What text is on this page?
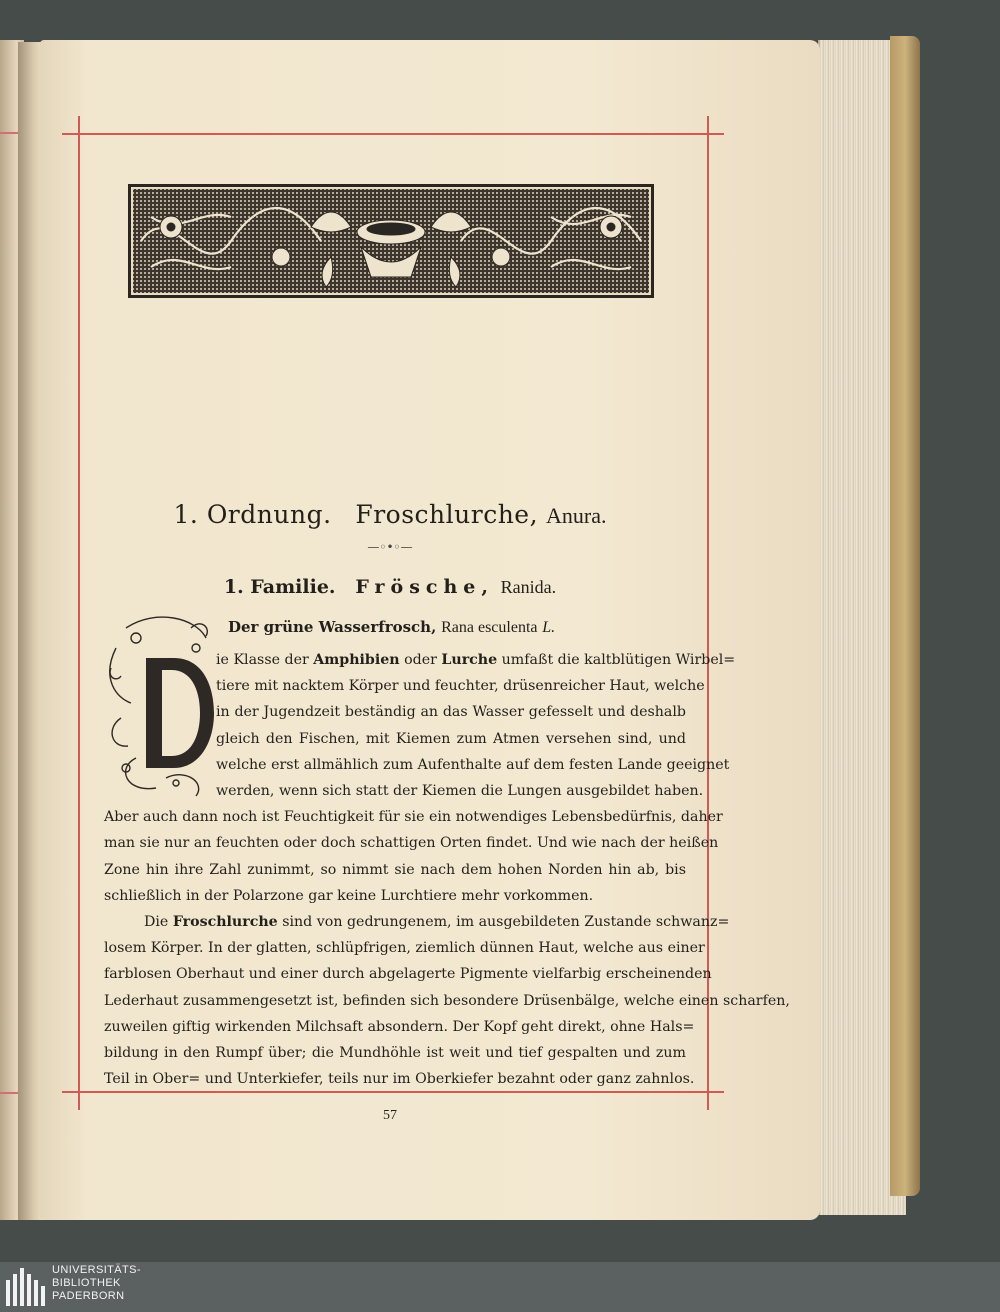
1. Ordnung. Froschlurche, Anura.
—◦•◦—
1. Familie. Frösche, Ranida.
Der grüne Wasserfrosch, Rana esculenta L.
ie Klasse der Amphibien oder Lurche umfaßt die kaltblütigen Wirbel=
tiere mit nacktem Körper und feuchter, drüsenreicher Haut, welche
in der Jugendzeit beständig an das Wasser gefesselt und deshalb
gleich den Fischen, mit Kiemen zum Atmen versehen sind, und
welche erst allmählich zum Aufenthalte auf dem festen Lande geeignet
werden, wenn sich statt der Kiemen die Lungen ausgebildet haben.
Aber auch dann noch ist Feuchtigkeit für sie ein notwendiges Lebensbedürfnis, daher
man sie nur an feuchten oder doch schattigen Orten findet. Und wie nach der heißen
Zone hin ihre Zahl zunimmt, so nimmt sie nach dem hohen Norden hin ab, bis
schließlich in der Polarzone gar keine Lurchtiere mehr vorkommen.
Die Froschlurche sind von gedrungenem, im ausgebildeten Zustande schwanz=
losem Körper. In der glatten, schlüpfrigen, ziemlich dünnen Haut, welche aus einer
farblosen Oberhaut und einer durch abgelagerte Pigmente vielfarbig erscheinenden
Lederhaut zusammengesetzt ist, befinden sich besondere Drüsenbälge, welche einen scharfen,
zuweilen giftig wirkenden Milchsaft absondern. Der Kopf geht direkt, ohne Hals=
bildung in den Rumpf über; die Mundhöhle ist weit und tief gespalten und zum
Teil in Ober= und Unterkiefer, teils nur im Oberkiefer bezahnt oder ganz zahnlos.
57
UNIVERSITÄTS-
BIBLIOTHEK
PADERBORN
